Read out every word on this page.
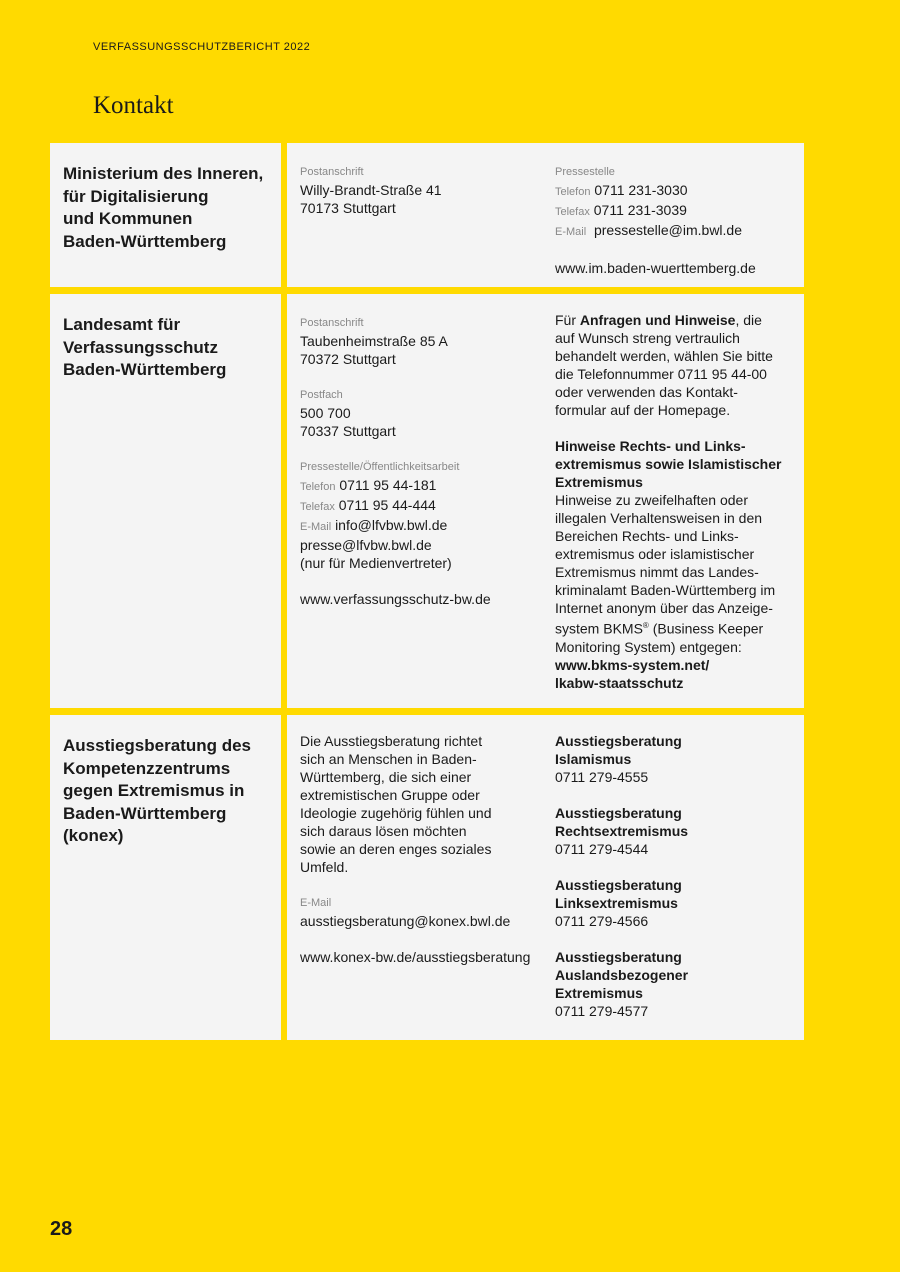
VERFASSUNGSSCHUTZBERICHT 2022
Kontakt
Ministerium des Inneren,
für Digitalisierung
und Kommunen
Baden-Württemberg
Postanschrift
Willy-Brandt-Straße 41
70173 Stuttgart
Pressestelle
Telefon 0711 231-3030
Telefax 0711 231-3039
E-Mail pressestelle@im.bwl.de
www.im.baden-wuerttemberg.de
Landesamt für
Verfassungsschutz
Baden-Württemberg
Postanschrift
Taubenheimstraße 85 A
70372 Stuttgart
Postfach
500 700
70337 Stuttgart
Pressestelle/Öffentlichkeitsarbeit
Telefon 0711 95 44-181
Telefax 0711 95 44-444
E-Mail info@lfvbw.bwl.de
presse@lfvbw.bwl.de
(nur für Medienvertreter)
www.verfassungsschutz-bw.de
Für Anfragen und Hinweise, die
auf Wunsch streng vertraulich
behandelt werden, wählen Sie bitte
die Telefonnummer 0711 95 44-00
oder verwenden das Kontakt-
formular auf der Homepage.
Hinweise Rechts- und Links-
extremismus sowie Islamistischer
Extremismus
Hinweise zu zweifelhaften oder
illegalen Verhaltensweisen in den
Bereichen Rechts- und Links-
extremismus oder islamistischer
Extremismus nimmt das Landes-
kriminalamt Baden-Württemberg im
Internet anonym über das Anzeige-
system BKMS® (Business Keeper
Monitoring System) entgegen:
www.bkms-system.net/
lkabw-staatsschutz
Ausstiegsberatung des
Kompetenzzentrums
gegen Extremismus in
Baden-Württemberg
(konex)
Die Ausstiegsberatung richtet
sich an Menschen in Baden-
Württemberg, die sich einer
extremistischen Gruppe oder
Ideologie zugehörig fühlen und
sich daraus lösen möchten
sowie an deren enges soziales
Umfeld.
E-Mail
ausstiegsberatung@konex.bwl.de
www.konex-bw.de/ausstiegsberatung
Ausstiegsberatung
Islamismus
0711 279-4555
Ausstiegsberatung
Rechtsextremismus
0711 279-4544
Ausstiegsberatung
Linksextremismus
0711 279-4566
Ausstiegsberatung
Auslandsbezogener
Extremismus
0711 279-4577
28
